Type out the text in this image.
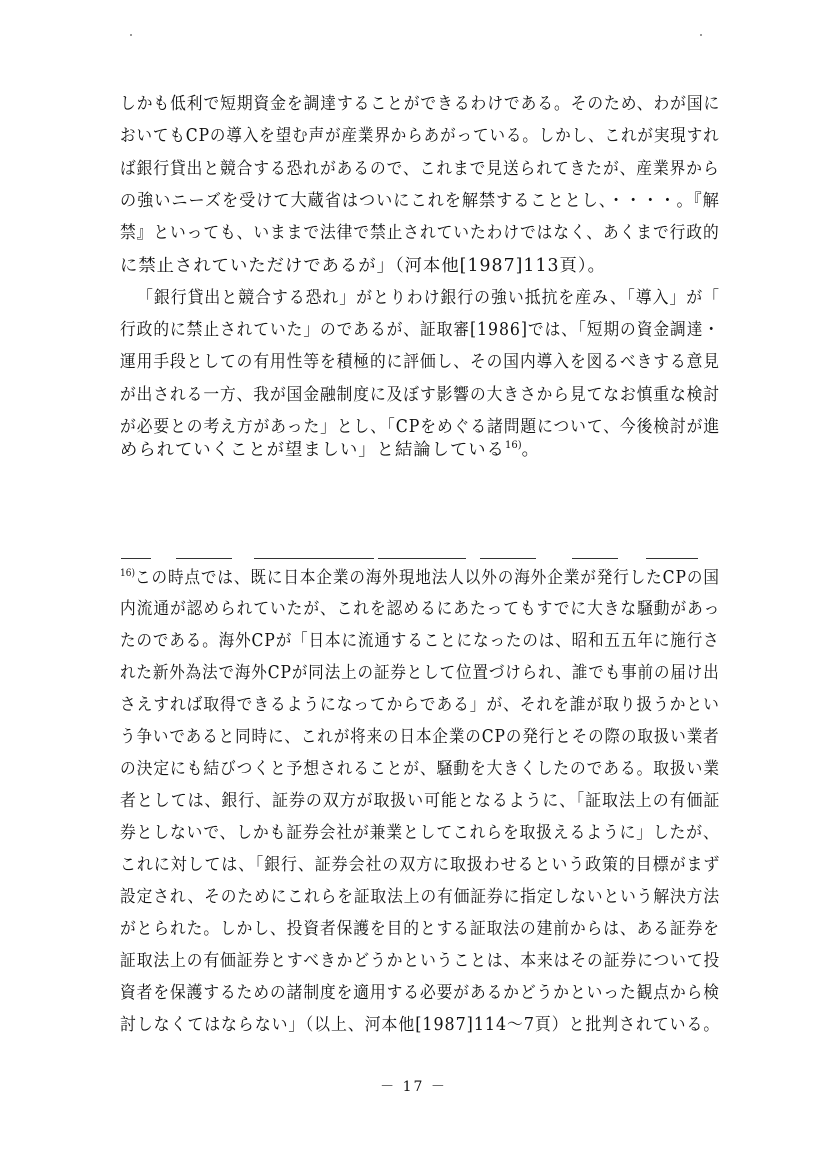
しかも低利で短期資金を調達することができるわけである。そのため、わが国に
おいてもCPの導入を望む声が産業界からあがっている。しかし、これが実現すれ
ば銀行貸出と競合する恐れがあるので、これまで見送られてきたが、産業界から
の強いニーズを受けて大蔵省はついにこれを解禁することとし、・・・・。『解
禁』といっても、いままで法律で禁止されていたわけではなく、あくまで行政的
に禁止されていただけであるが」（河本他[1987]113頁）。
「銀行貸出と競合する恐れ」がとりわけ銀行の強い抵抗を産み、「導入」が「
行政的に禁止されていた」のであるが、証取審[1986]では、「短期の資金調達・
運用手段としての有用性等を積極的に評価し、その国内導入を図るべきする意見
が出される一方、我が国金融制度に及ぼす影響の大きさから見てなお慎重な検討
が必要との考え方があった」とし、「CPをめぐる諸問題について、今後検討が進
められていくことが望ましい」と結論している$^{16)}$。
$^{16)}$この時点では、既に日本企業の海外現地法人以外の海外企業が発行したCPの国
内流通が認められていたが、これを認めるにあたってもすでに大きな騒動があっ
たのである。海外CPが「日本に流通することになったのは、昭和五五年に施行さ
れた新外為法で海外CPが同法上の証券として位置づけられ、誰でも事前の届け出
さえすれば取得できるようになってからである」が、それを誰が取り扱うかとい
う争いであると同時に、これが将来の日本企業のCPの発行とその際の取扱い業者
の決定にも結びつくと予想されることが、騒動を大きくしたのである。取扱い業
者としては、銀行、証券の双方が取扱い可能となるように、「証取法上の有価証
券としないで、しかも証券会社が兼業としてこれらを取扱えるように」したが、
これに対しては、「銀行、証券会社の双方に取扱わせるという政策的目標がまず
設定され、そのためにこれらを証取法上の有価証券に指定しないという解決方法
がとられた。しかし、投資者保護を目的とする証取法の建前からは、ある証券を
証取法上の有価証券とすべきかどうかということは、本来はその証券について投
資者を保護するための諸制度を適用する必要があるかどうかといった観点から検
討しなくてはならない」（以上、河本他[1987]114～7頁）と批判されている。
－ 17 －
